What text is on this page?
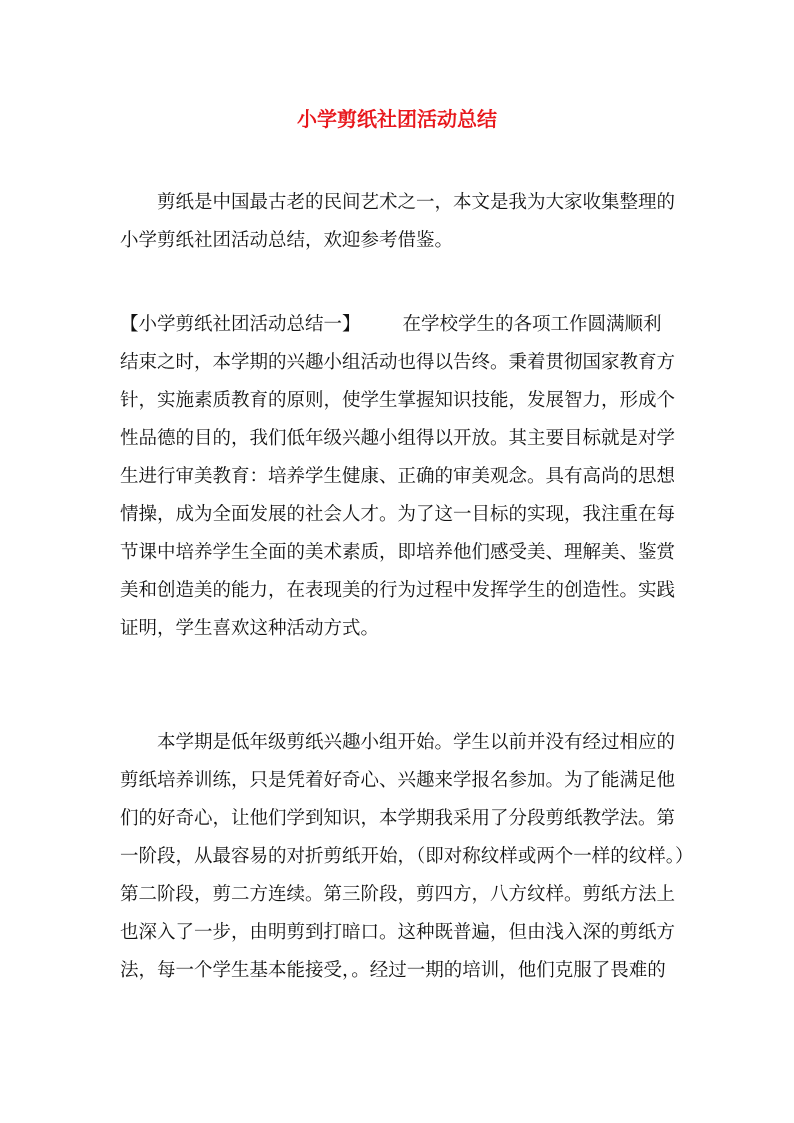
小学剪纸社团活动总结
　　剪纸是中国最古老的民间艺术之一，本文是我为大家收集整理的
小学剪纸社团活动总结，欢迎参考借鉴。
【小学剪纸社团活动总结一】 在学校学生的各项工作圆满顺利
结束之时，本学期的兴趣小组活动也得以告终。秉着贯彻国家教育方
针，实施素质教育的原则，使学生掌握知识技能，发展智力，形成个
性品德的目的，我们低年级兴趣小组得以开放。其主要目标就是对学
生进行审美教育：培养学生健康、正确的审美观念。具有高尚的思想
情操，成为全面发展的社会人才。为了这一目标的实现，我注重在每
节课中培养学生全面的美术素质，即培养他们感受美、理解美、鉴赏
美和创造美的能力，在表现美的行为过程中发挥学生的创造性。实践
证明，学生喜欢这种活动方式。
　　本学期是低年级剪纸兴趣小组开始。学生以前并没有经过相应的
剪纸培养训练，只是凭着好奇心、兴趣来学报名参加。为了能满足他
们的好奇心，让他们学到知识，本学期我采用了分段剪纸教学法。第
一阶段，从最容易的对折剪纸开始，（即对称纹样或两个一样的纹样。）
第二阶段，剪二方连续。第三阶段，剪四方，八方纹样。剪纸方法上
也深入了一步，由明剪到打暗口。这种既普遍，但由浅入深的剪纸方
法，每一个学生基本能接受，。经过一期的培训，他们克服了畏难的
